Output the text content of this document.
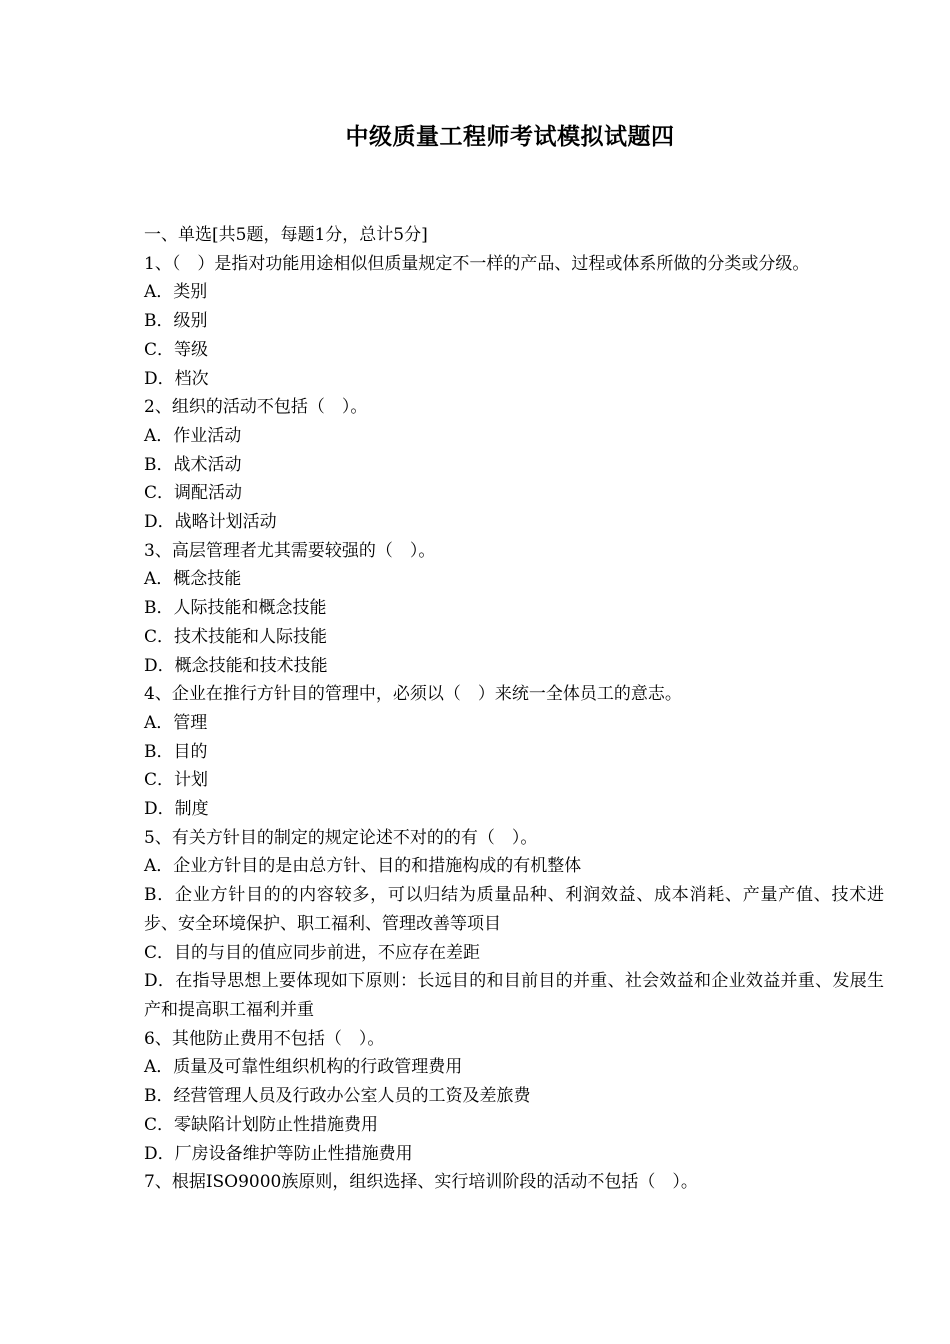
中级质量工程师考试模拟试题四

一、单选[共5题，每题1分，总计5分]

1、（　）是指对功能用途相似但质量规定不一样的产品、过程或体系所做的分类或分级。

A．类别

B．级别

C．等级

D．档次

2、组织的活动不包括（　）。

A．作业活动

B．战术活动

C．调配活动

D．战略计划活动

3、高层管理者尤其需要较强的（　）。

A．概念技能

B．人际技能和概念技能

C．技术技能和人际技能

D．概念技能和技术技能

4、企业在推行方针目的管理中，必须以（　）来统一全体员工的意志。

A．管理

B．目的

C．计划

D．制度

5、有关方针目的制定的规定论述不对的的有（　）。

A．企业方针目的是由总方针、目的和措施构成的有机整体

B．企业方针目的的内容较多，可以归结为质量品种、利润效益、成本消耗、产量产值、技术进步、安全环境保护、职工福利、管理改善等项目

C．目的与目的值应同步前进，不应存在差距

D．在指导思想上要体现如下原则：长远目的和目前目的并重、社会效益和企业效益并重、发展生产和提高职工福利并重

6、其他防止费用不包括（　）。

A．质量及可靠性组织机构的行政管理费用

B．经营管理人员及行政办公室人员的工资及差旅费

C．零缺陷计划防止性措施费用

D．厂房设备维护等防止性措施费用

7、根据ISO9000族原则，组织选择、实行培训阶段的活动不包括（　）。
